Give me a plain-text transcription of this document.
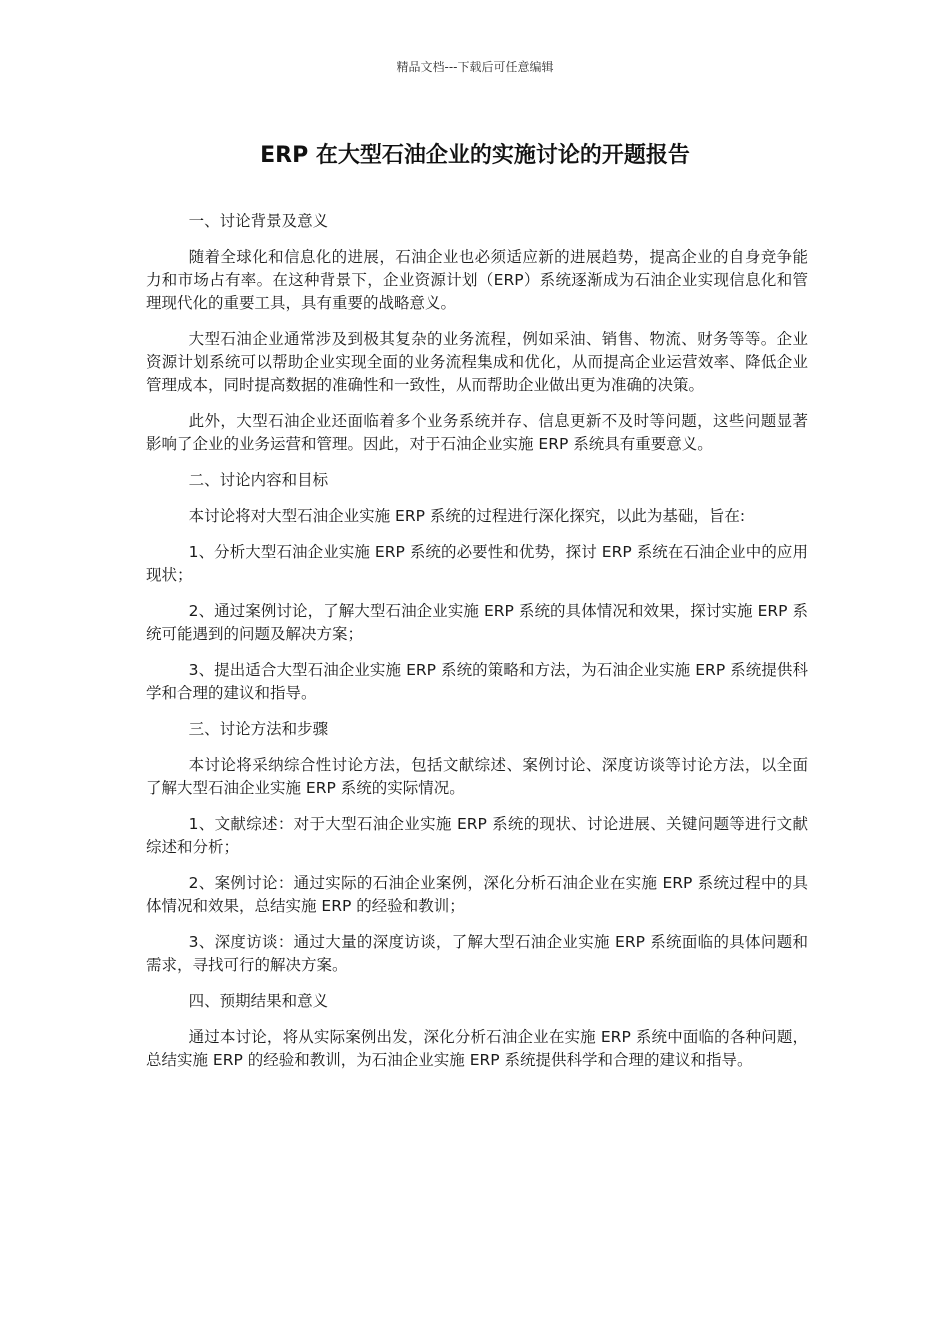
精品文档---下载后可任意编辑
ERP 在大型石油企业的实施讨论的开题报告

一、讨论背景及意义

随着全球化和信息化的进展，石油企业也必须适应新的进展趋势，提高企业的自身竞争能力和市场占有率。在这种背景下，企业资源计划（ERP）系统逐渐成为石油企业实现信息化和管理现代化的重要工具，具有重要的战略意义。

大型石油企业通常涉及到极其复杂的业务流程，例如采油、销售、物流、财务等等。企业资源计划系统可以帮助企业实现全面的业务流程集成和优化，从而提高企业运营效率、降低企业管理成本，同时提高数据的准确性和一致性，从而帮助企业做出更为准确的决策。

此外，大型石油企业还面临着多个业务系统并存、信息更新不及时等问题，这些问题显著影响了企业的业务运营和管理。因此，对于石油企业实施 ERP 系统具有重要意义。

二、讨论内容和目标

本讨论将对大型石油企业实施 ERP 系统的过程进行深化探究，以此为基础，旨在:

1、分析大型石油企业实施 ERP 系统的必要性和优势，探讨 ERP 系统在石油企业中的应用现状；

2、通过案例讨论，了解大型石油企业实施 ERP 系统的具体情况和效果，探讨实施 ERP 系统可能遇到的问题及解决方案；

3、提出适合大型石油企业实施 ERP 系统的策略和方法，为石油企业实施 ERP 系统提供科学和合理的建议和指导。

三、讨论方法和步骤

本讨论将采纳综合性讨论方法，包括文献综述、案例讨论、深度访谈等讨论方法，以全面了解大型石油企业实施 ERP 系统的实际情况。

1、文献综述：对于大型石油企业实施 ERP 系统的现状、讨论进展、关键问题等进行文献综述和分析；

2、案例讨论：通过实际的石油企业案例，深化分析石油企业在实施 ERP 系统过程中的具体情况和效果，总结实施 ERP 的经验和教训；

3、深度访谈：通过大量的深度访谈，了解大型石油企业实施 ERP 系统面临的具体问题和需求，寻找可行的解决方案。

四、预期结果和意义

通过本讨论，将从实际案例出发，深化分析石油企业在实施 ERP 系统中面临的各种问题，总结实施 ERP 的经验和教训，为石油企业实施 ERP 系统提供科学和合理的建议和指导。
